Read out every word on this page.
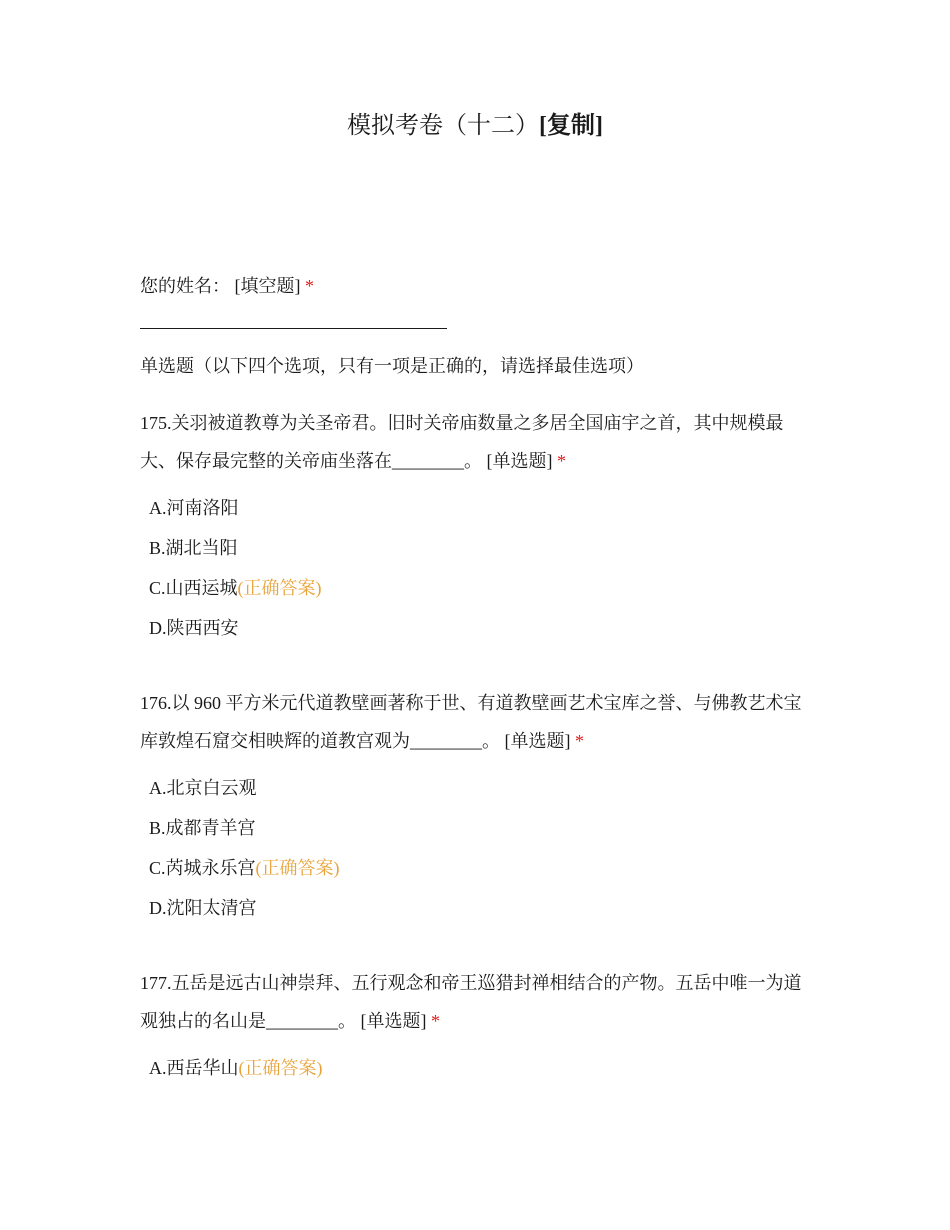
模拟考卷（十二）[复制]
您的姓名： [填空题] *
单选题（以下四个选项，只有一项是正确的，请选择最佳选项）
175.关羽被道教尊为关圣帝君。旧时关帝庙数量之多居全国庙宇之首，其中规模最大、保存最完整的关帝庙坐落在________。 [单选题] *
A.河南洛阳
B.湖北当阳
C.山西运城(正确答案)
D.陕西西安
176.以 960 平方米元代道教壁画著称于世、有道教壁画艺术宝库之誉、与佛教艺术宝库敦煌石窟交相映辉的道教宫观为________。 [单选题] *
A.北京白云观
B.成都青羊宫
C.芮城永乐宫(正确答案)
D.沈阳太清宫
177.五岳是远古山神崇拜、五行观念和帝王巡猎封禅相结合的产物。五岳中唯一为道观独占的名山是________。 [单选题] *
A.西岳华山(正确答案)
